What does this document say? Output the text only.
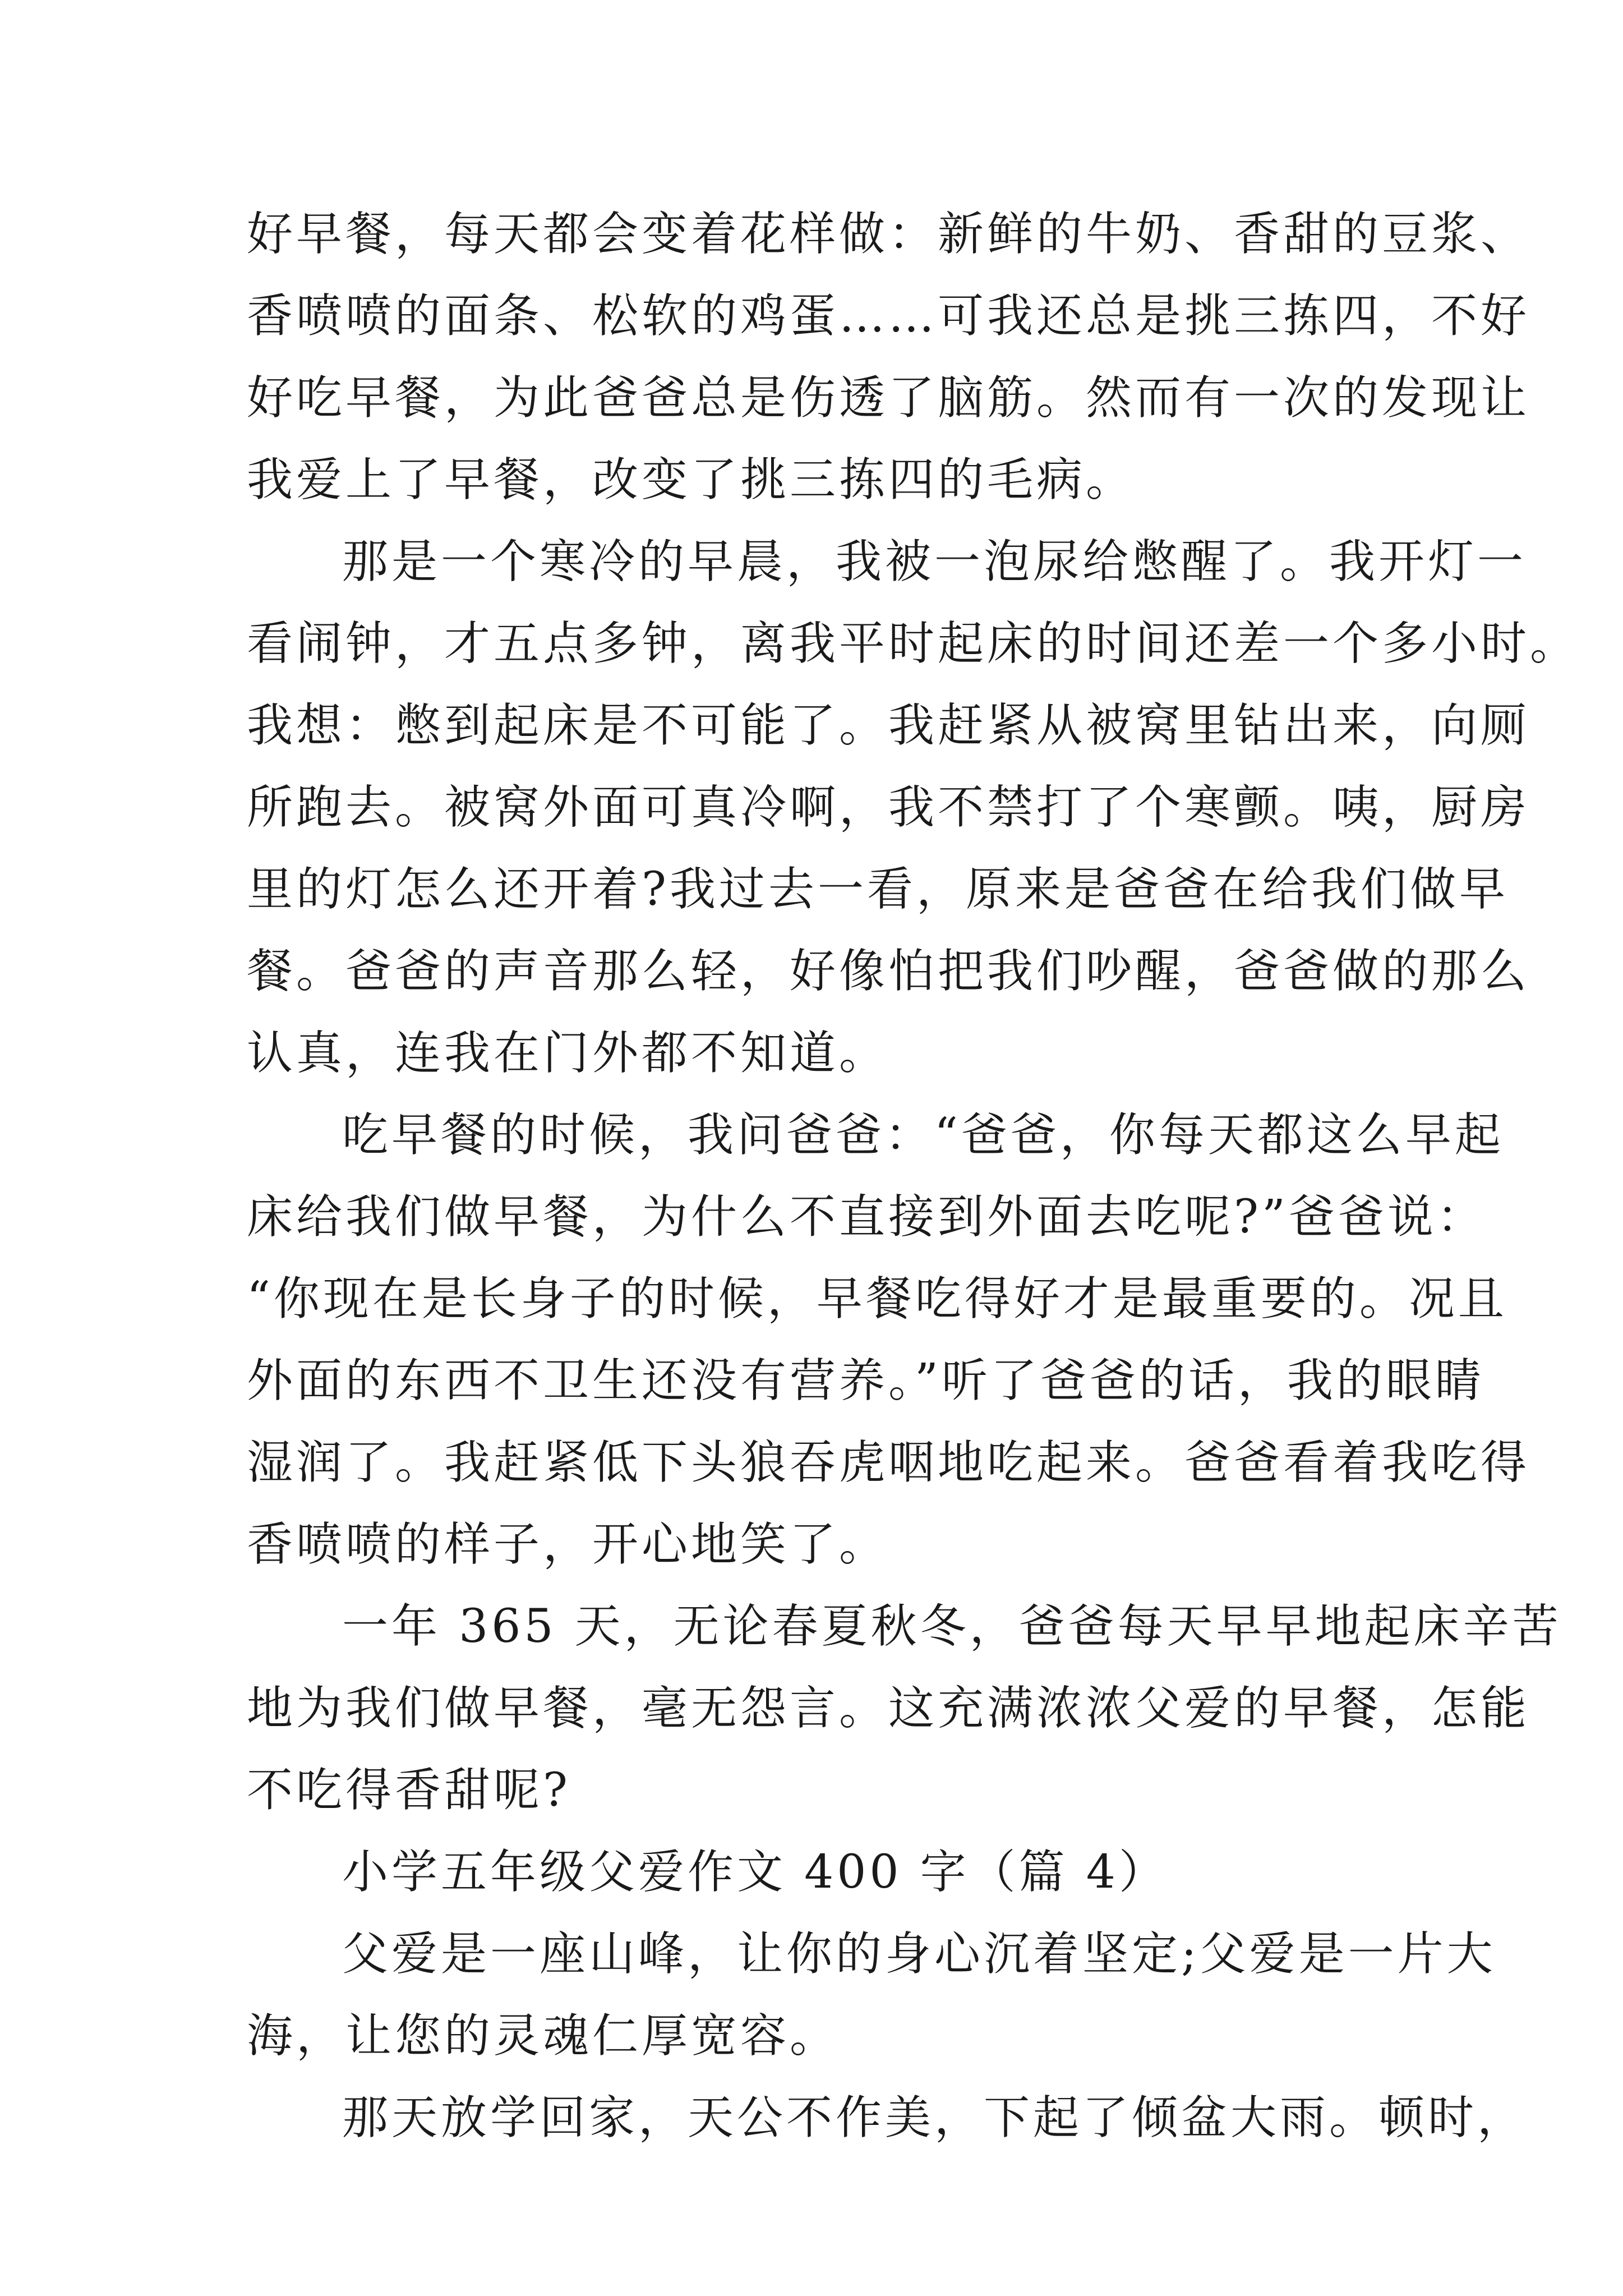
好早餐，每天都会变着花样做：新鲜的牛奶、香甜的豆浆、
香喷喷的面条、松软的鸡蛋……可我还总是挑三拣四，不好
好吃早餐，为此爸爸总是伤透了脑筋。然而有一次的发现让
我爱上了早餐，改变了挑三拣四的毛病。
那是一个寒冷的早晨，我被一泡尿给憋醒了。我开灯一
看闹钟，才五点多钟，离我平时起床的时间还差一个多小时。
我想：憋到起床是不可能了。我赶紧从被窝里钻出来，向厕
所跑去。被窝外面可真冷啊，我不禁打了个寒颤。咦，厨房
里的灯怎么还开着?我过去一看，原来是爸爸在给我们做早
餐。爸爸的声音那么轻，好像怕把我们吵醒，爸爸做的那么
认真，连我在门外都不知道。
吃早餐的时候，我问爸爸：“爸爸，你每天都这么早起
床给我们做早餐，为什么不直接到外面去吃呢?”爸爸说：
“你现在是长身子的时候，早餐吃得好才是最重要的。况且
外面的东西不卫生还没有营养。”听了爸爸的话，我的眼睛
湿润了。我赶紧低下头狼吞虎咽地吃起来。爸爸看着我吃得
香喷喷的样子，开心地笑了。
一年 365 天，无论春夏秋冬，爸爸每天早早地起床辛苦
地为我们做早餐，毫无怨言。这充满浓浓父爱的早餐，怎能
不吃得香甜呢?
小学五年级父爱作文 400 字（篇 4）
父爱是一座山峰，让你的身心沉着坚定;父爱是一片大
海，让您的灵魂仁厚宽容。
那天放学回家，天公不作美，下起了倾盆大雨。顿时，
